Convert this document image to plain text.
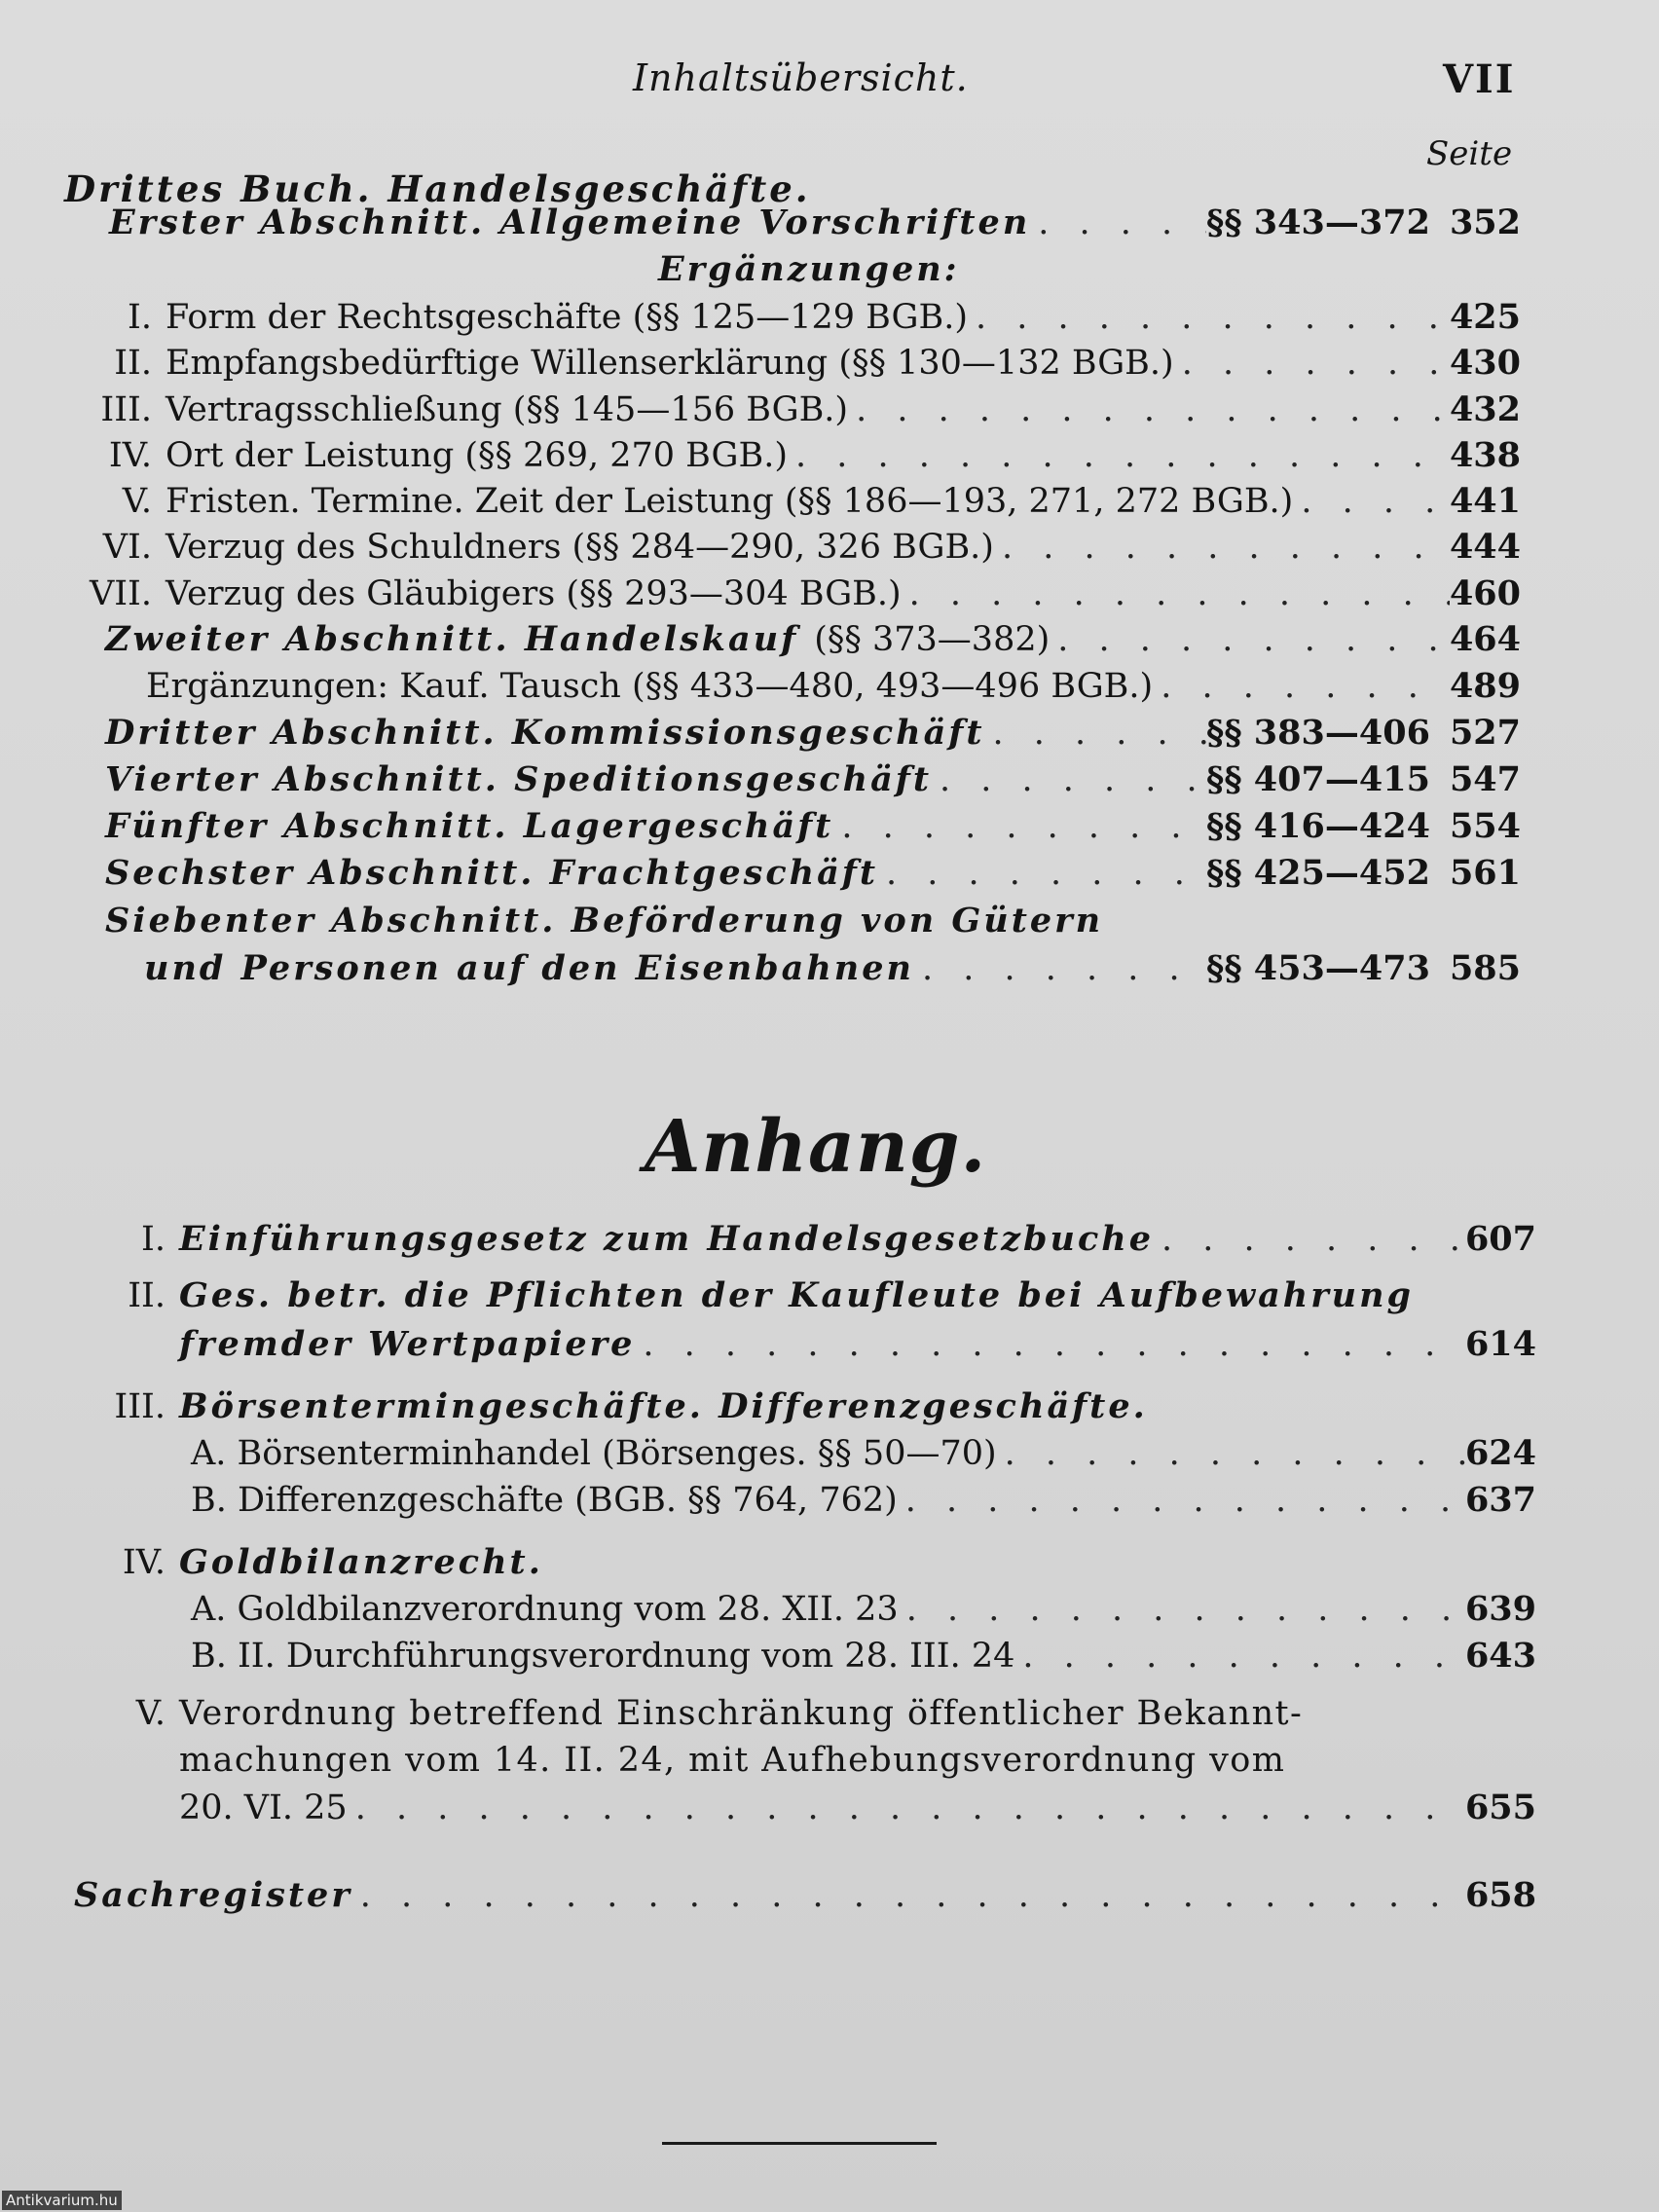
Inhaltsübersicht.	VII
Seite
Drittes Buch. Handelsgeschäfte.
Erster Abschnitt. Allgemeine Vorschriften . . .	§§ 343—372 352
Ergänzungen:
I. Form der Rechtsgeschäfte (§§ 125—129 BGB.) . . .	425
II. Empfangsbedürftige Willenserklärung (§§ 130—132 BGB.) . . .	430
III. Vertragsschließung (§§ 145—156 BGB.) . . .	432
IV. Ort der Leistung (§§ 269, 270 BGB.) . . .	438
V. Fristen. Termine. Zeit der Leistung (§§ 186—193, 271, 272 BGB.) . . .	441
VI. Verzug des Schuldners (§§ 284—290, 326 BGB.) . . .	444
VII. Verzug des Gläubigers (§§ 293—304 BGB.) . . .	460
Zweiter Abschnitt. Handelskauf (§§ 373—382) . . .	464
Ergänzungen: Kauf. Tausch (§§ 433—480, 493—496 BGB.) . . .	489
Dritter Abschnitt. Kommissionsgeschäft . . .	§§ 383—406 527
Vierter Abschnitt. Speditionsgeschäft . . .	§§ 407—415 547
Fünfter Abschnitt. Lagergeschäft . . .	§§ 416—424 554
Sechster Abschnitt. Frachtgeschäft . . .	§§ 425—452 561
Siebenter Abschnitt. Beförderung von Gütern
und Personen auf den Eisenbahnen . . .	§§ 453—473 585
Anhang.
I. Einführungsgesetz zum Handelsgesetzbuche . . .	607
II. Ges. betr. die Pflichten der Kaufleute bei Aufbewahrung
fremder Wertpapiere . . .	614
III. Börsentermingeschäfte. Differenzgeschäfte.
A. Börsenterminhandel (Börsenges. §§ 50—70) . . .	624
B. Differenzgeschäfte (BGB. §§ 764, 762) . . .	637
IV. Goldbilanzrecht.
A. Goldbilanzverordnung vom 28. XII. 23 . . .	639
B. II. Durchführungsverordnung vom 28. III. 24 . . .	643
V. Verordnung betreffend Einschränkung öffentlicher Bekannt-
machungen vom 14. II. 24, mit Aufhebungsverordnung vom
20. VI. 25 . . .	655
Sachregister . . .	658
Antikvarium.hu
